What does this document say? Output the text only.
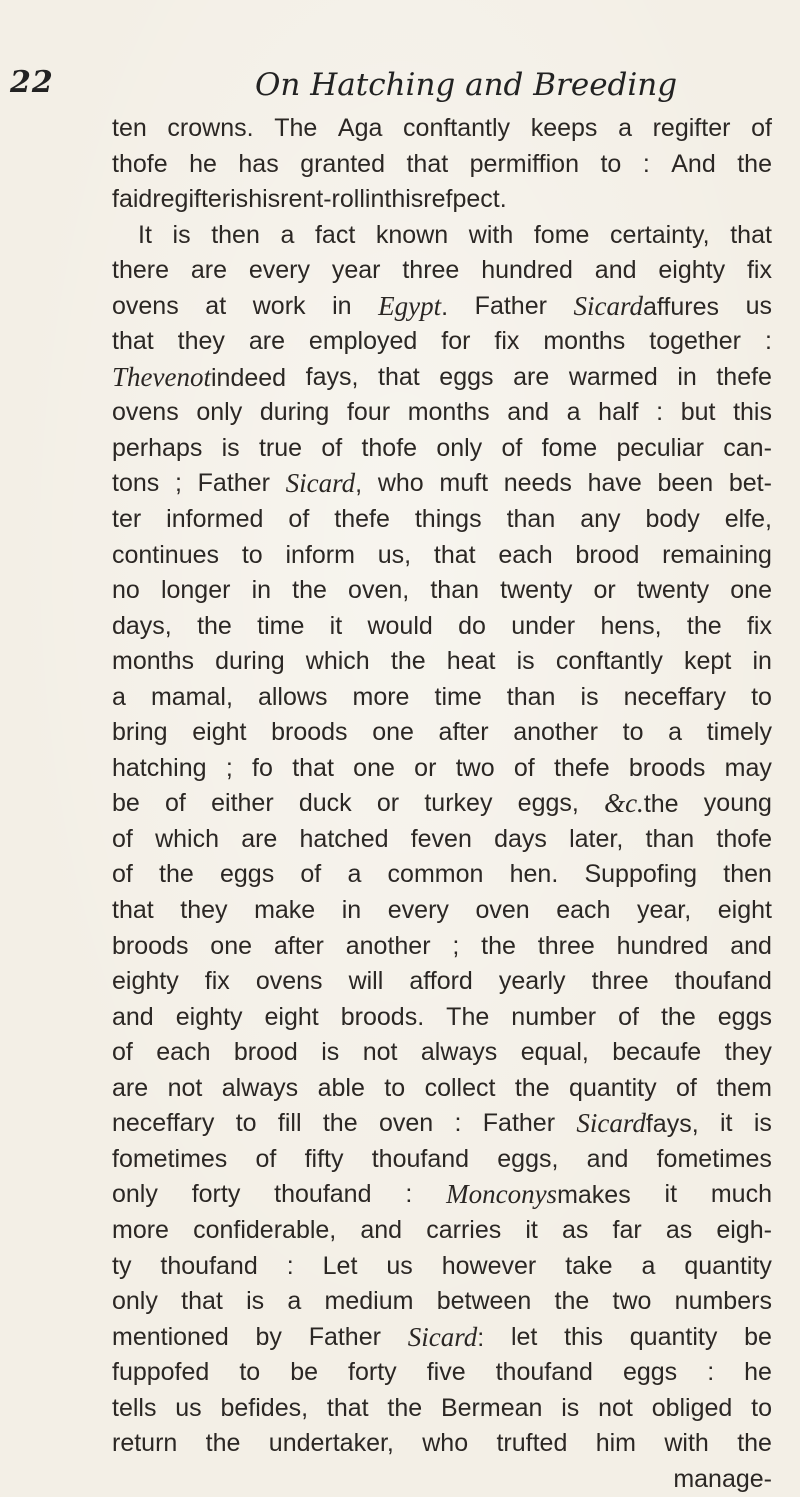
22	On Hatching and Breeding
ten crowns. The Aga conftantly keeps a regifter of
thofe he has granted that permiffion to : And the
faid regifter is his rent-roll in this refpect.
It is then a fact known with fome certainty, that
there are every year three hundred and eighty fix
ovens at work in Egypt. Father Sicardaffures us
that they are employed for fix months together :
Thevenotindeed fays, that eggs are warmed in thefe
ovens only during four months and a half : but this
perhaps is true of thofe only of fome peculiar can-
tons ; Father Sicard, who muft needs have been bet-
ter informed of thefe things than any body elfe,
continues to inform us, that each brood remaining
no longer in the oven, than twenty or twenty one
days, the time it would do under hens, the fix
months during which the heat is conftantly kept in
a mamal, allows more time than is neceffary to
bring eight broods one after another to a timely
hatching ; fo that one or two of thefe broods may
be of either duck or turkey eggs, &c.the young
of which are hatched feven days later, than thofe
of the eggs of a common hen. Suppofing then
that they make in every oven each year, eight
broods one after another ; the three hundred and
eighty fix ovens will afford yearly three thoufand
and eighty eight broods. The number of the eggs
of each brood is not always equal, becaufe they
are not always able to collect the quantity of them
neceffary to fill the oven : Father Sicardfays, it is
fometimes of fifty thoufand eggs, and fometimes
only forty thoufand : Monconysmakes it much
more confiderable, and carries it as far as eigh-
ty thoufand : Let us however take a quantity
only that is a medium between the two numbers
mentioned by Father Sicard: let this quantity be
fuppofed to be forty five thoufand eggs : he
tells us befides, that the Bermean is not obliged to
return the undertaker, who trufted him with the
manage-
